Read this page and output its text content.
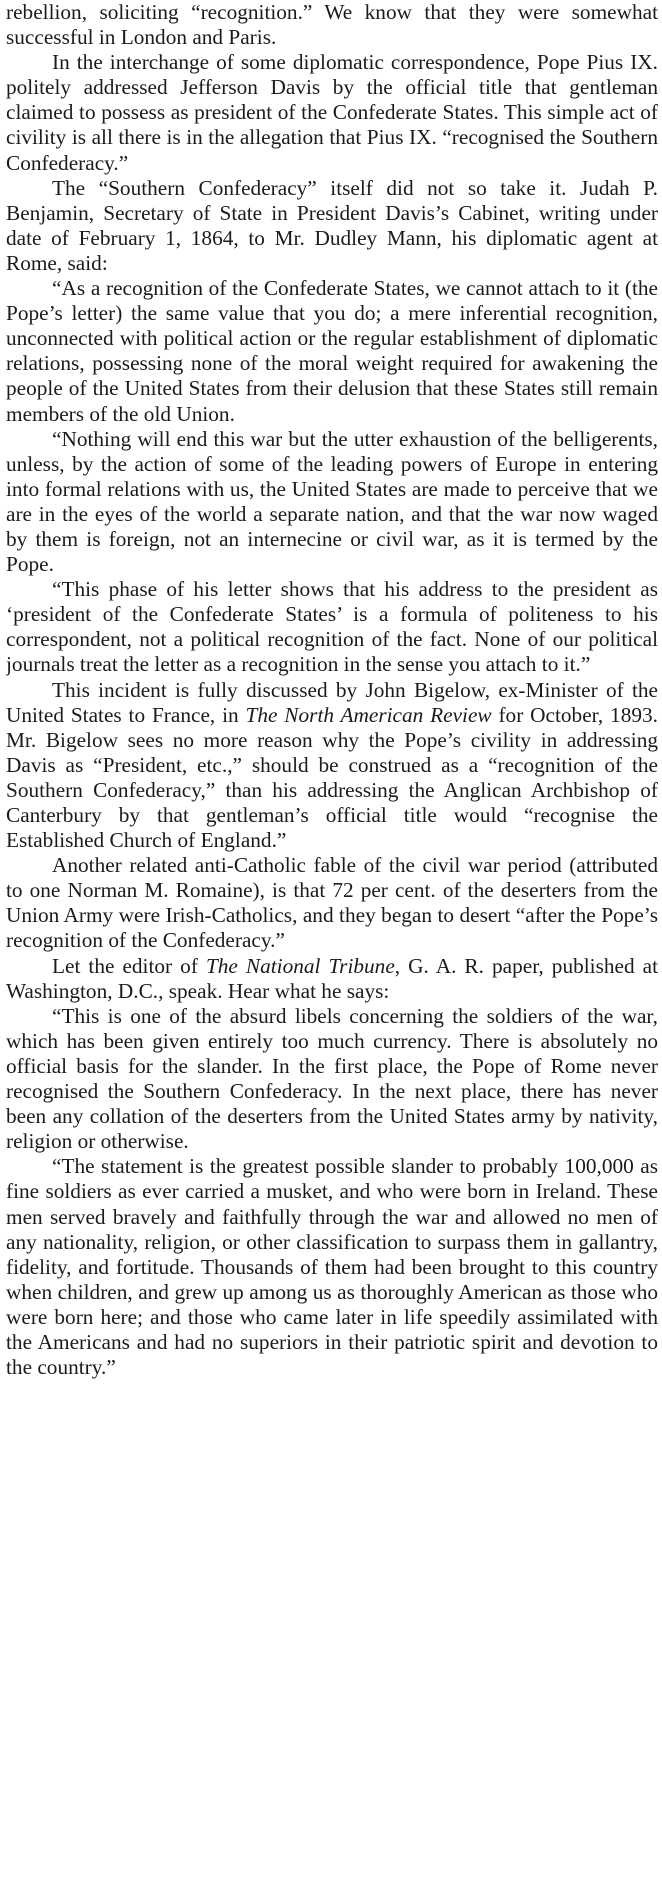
rebellion, soliciting “recognition.” We know that they were somewhat successful in London and Paris.

In the interchange of some diplomatic correspondence, Pope Pius IX. politely addressed Jefferson Davis by the official title that gentleman claimed to possess as president of the Confederate States. This simple act of civility is all there is in the allegation that Pius IX. “recognised the Southern Confederacy.”

The “Southern Confederacy” itself did not so take it. Judah P. Benjamin, Secretary of State in President Davis’s Cabinet, writing under date of February 1, 1864, to Mr. Dudley Mann, his diplomatic agent at Rome, said:

“As a recognition of the Confederate States, we cannot attach to it (the Pope’s letter) the same value that you do; a mere inferential recognition, unconnected with political action or the regular establishment of diplomatic relations, possessing none of the moral weight required for awakening the people of the United States from their delusion that these States still remain members of the old Union.

“Nothing will end this war but the utter exhaustion of the belligerents, unless, by the action of some of the leading powers of Europe in entering into formal relations with us, the United States are made to perceive that we are in the eyes of the world a separate nation, and that the war now waged by them is foreign, not an internecine or civil war, as it is termed by the Pope.

“This phase of his letter shows that his address to the president as ‘president of the Confederate States’ is a formula of politeness to his correspondent, not a political recognition of the fact. None of our political journals treat the letter as a recognition in the sense you attach to it.”

This incident is fully discussed by John Bigelow, ex-Minister of the United States to France, in The North American Review for October, 1893. Mr. Bigelow sees no more reason why the Pope’s civility in addressing Davis as “President, etc.,” should be construed as a “recognition of the Southern Confederacy,” than his addressing the Anglican Archbishop of Canterbury by that gentleman’s official title would “recognise the Established Church of England.”

Another related anti-Catholic fable of the civil war period (attributed to one Norman M. Romaine), is that 72 per cent. of the deserters from the Union Army were Irish-Catholics, and they began to desert “after the Pope’s recognition of the Confederacy.”

Let the editor of The National Tribune, G. A. R. paper, published at Washington, D.C., speak. Hear what he says:

“This is one of the absurd libels concerning the soldiers of the war, which has been given entirely too much currency. There is absolutely no official basis for the slander. In the first place, the Pope of Rome never recognised the Southern Confederacy. In the next place, there has never been any collation of the deserters from the United States army by nativity, religion or otherwise.

“The statement is the greatest possible slander to probably 100,000 as fine soldiers as ever carried a musket, and who were born in Ireland. These men served bravely and faithfully through the war and allowed no men of any nationality, religion, or other classification to surpass them in gallantry, fidelity, and fortitude. Thousands of them had been brought to this country when children, and grew up among us as thoroughly American as those who were born here; and those who came later in life speedily assimilated with the Americans and had no superiors in their patriotic spirit and devotion to the country.”
